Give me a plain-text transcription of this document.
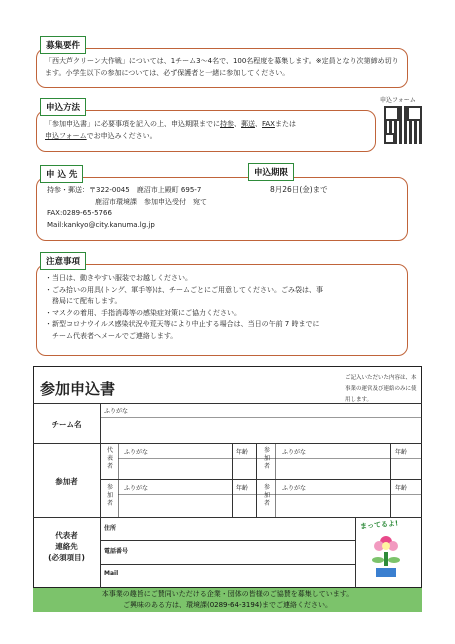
募集要件
「西大芦クリーン大作戦」については、1チーム3～4名で、100名程度を募集します。※定員となり次第締め切ります。小学生以下の参加については、必ず保護者と一緒に参加してください。
申込方法
「参加申込書」に必要事項を記入の上、申込期限までに持参、郵送、FAXまたは
申込フォームでお申込みください。
申込フォーム
申 込 先	申込期限
持参・郵送：〒322-0045　鹿沼市上殿町 695-7
鹿沼市環境課　参加申込受付　宛て
FAX:0289-65-5766
Mail:kankyo@city.kanuma.lg.jp
8月26日(金)まで
注意事項
・当日は、動きやすい服装でお越しください。
・ごみ拾いの用具(トング、軍手等)は、チームごとにご用意してください。ごみ袋は、事
　務局にて配布します。
・マスクの着用、手指消毒等の感染症対策にご協力ください。
・新型コロナウイルス感染状況や荒天等により中止する場合は、当日の午前 7 時までに
　チーム代表者へメールでご連絡します。
参加申込書
ご記入いただいた内容は、本事業の運営及び連絡のみに使用します。
チーム名
ふりがな
参加者
代表者
参加者
参加者
参加者
ふりがな
ふりがな
ふりがな
ふりがな
年齢
年齢
年齢
年齢
代表者
連絡先
(必須項目)
住所
電話番号
Mail
まってるよ!
本事業の趣旨にご賛同いただける企業・団体の皆様のご協賛を募集しています。
ご興味のある方は、環境課(0289-64-3194)までご連絡ください。
